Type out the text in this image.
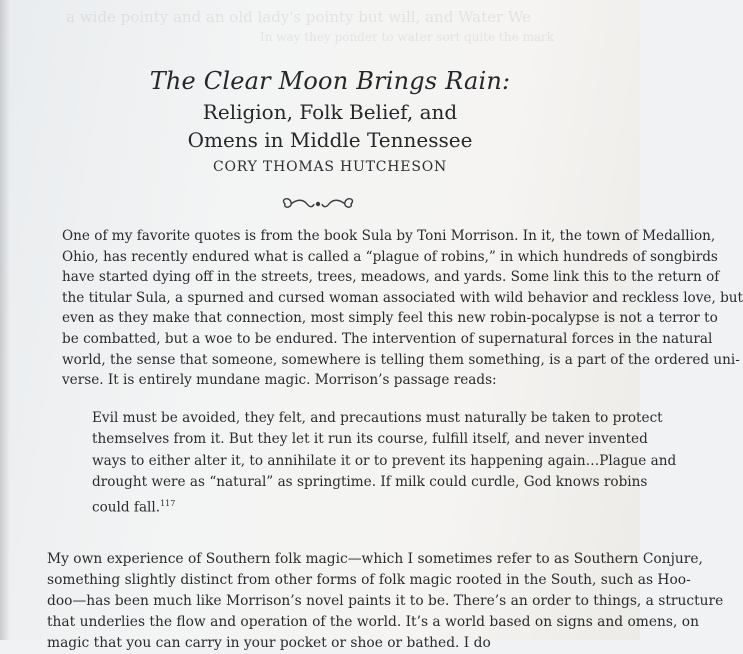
a wide pointy and an old lady's pointy but will, and Water We
In way they ponder to water sort quite the mark
The Clear Moon Brings Rain:
Religion, Folk Belief, and
Omens in Middle Tennessee
CORY THOMAS HUTCHESON
One of my favorite quotes is from the book Sula by Toni Morrison. In it, the town of Medallion,
Ohio, has recently endured what is called a “plague of robins,” in which hundreds of songbirds
have started dying off in the streets, trees, meadows, and yards. Some link this to the return of
the titular Sula, a spurned and cursed woman associated with wild behavior and reckless love, but
even as they make that connection, most simply feel this new robin-pocalypse is not a terror to
be combatted, but a woe to be endured. The intervention of supernatural forces in the natural
world, the sense that someone, somewhere is telling them something, is a part of the ordered uni-
verse. It is entirely mundane magic. Morrison’s passage reads:
Evil must be avoided, they felt, and precautions must naturally be taken to protect
themselves from it. But they let it run its course, fulfill itself, and never invented
ways to either alter it, to annihilate it or to prevent its happening again…Plague and
drought were as “natural” as springtime. If milk could curdle, God knows robins
could fall.$^{117}$
My own experience of Southern folk magic—which I sometimes refer to as Southern Conjure,
something slightly distinct from other forms of folk magic rooted in the South, such as Hoo-
doo—has been much like Morrison’s novel paints it to be. There’s an order to things, a structure
that underlies the flow and operation of the world. It’s a world based on signs and omens, on
magic that you can carry in your pocket or shoe or bathed. I do
